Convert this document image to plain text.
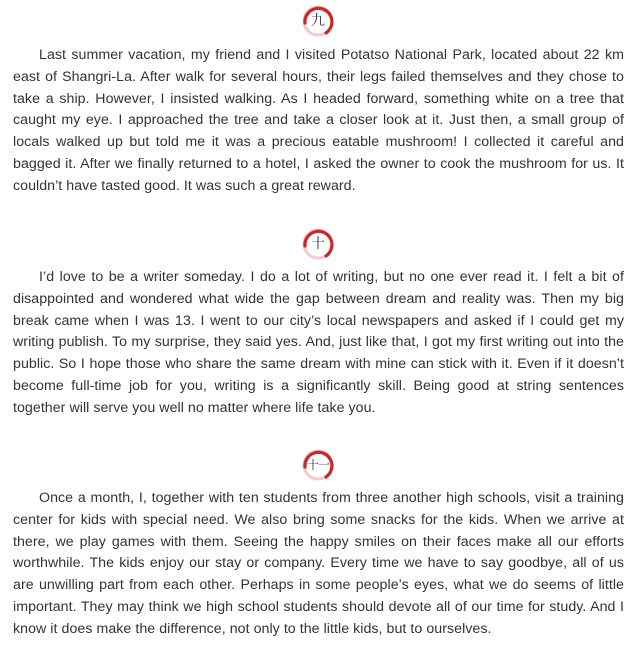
九

Last summer vacation, my friend and I visited Potatso National Park, located about 22 km east of Shangri-La. After walk for several hours, their legs failed themselves and they chose to take a ship. However, I insisted walking. As I headed forward, something white on a tree that caught my eye. I approached the tree and take a closer look at it. Just then, a small group of locals walked up but told me it was a precious eatable mushroom! I collected it careful and bagged it. After we finally returned to a hotel, I asked the owner to cook the mushroom for us. It couldn’t have tasted good. It was such a great reward.

十

I’d love to be a writer someday. I do a lot of writing, but no one ever read it. I felt a bit of disappointed and wondered what wide the gap between dream and reality was. Then my big break came when I was 13. I went to our city’s local newspapers and asked if I could get my writing publish. To my surprise, they said yes. And, just like that, I got my first writing out into the public. So I hope those who share the same dream with mine can stick with it. Even if it doesn’t become full-time job for you, writing is a significantly skill. Being good at string sentences together will serve you well no matter where life take you.

十一

Once a month, I, together with ten students from three another high schools, visit a training center for kids with special need. We also bring some snacks for the kids. When we arrive at there, we play games with them. Seeing the happy smiles on their faces make all our efforts worthwhile. The kids enjoy our stay or company. Every time we have to say goodbye, all of us are unwilling part from each other. Perhaps in some people’s eyes, what we do seems of little important. They may think we high school students should devote all of our time for study. And I know it does make the difference, not only to the little kids, but to ourselves.
